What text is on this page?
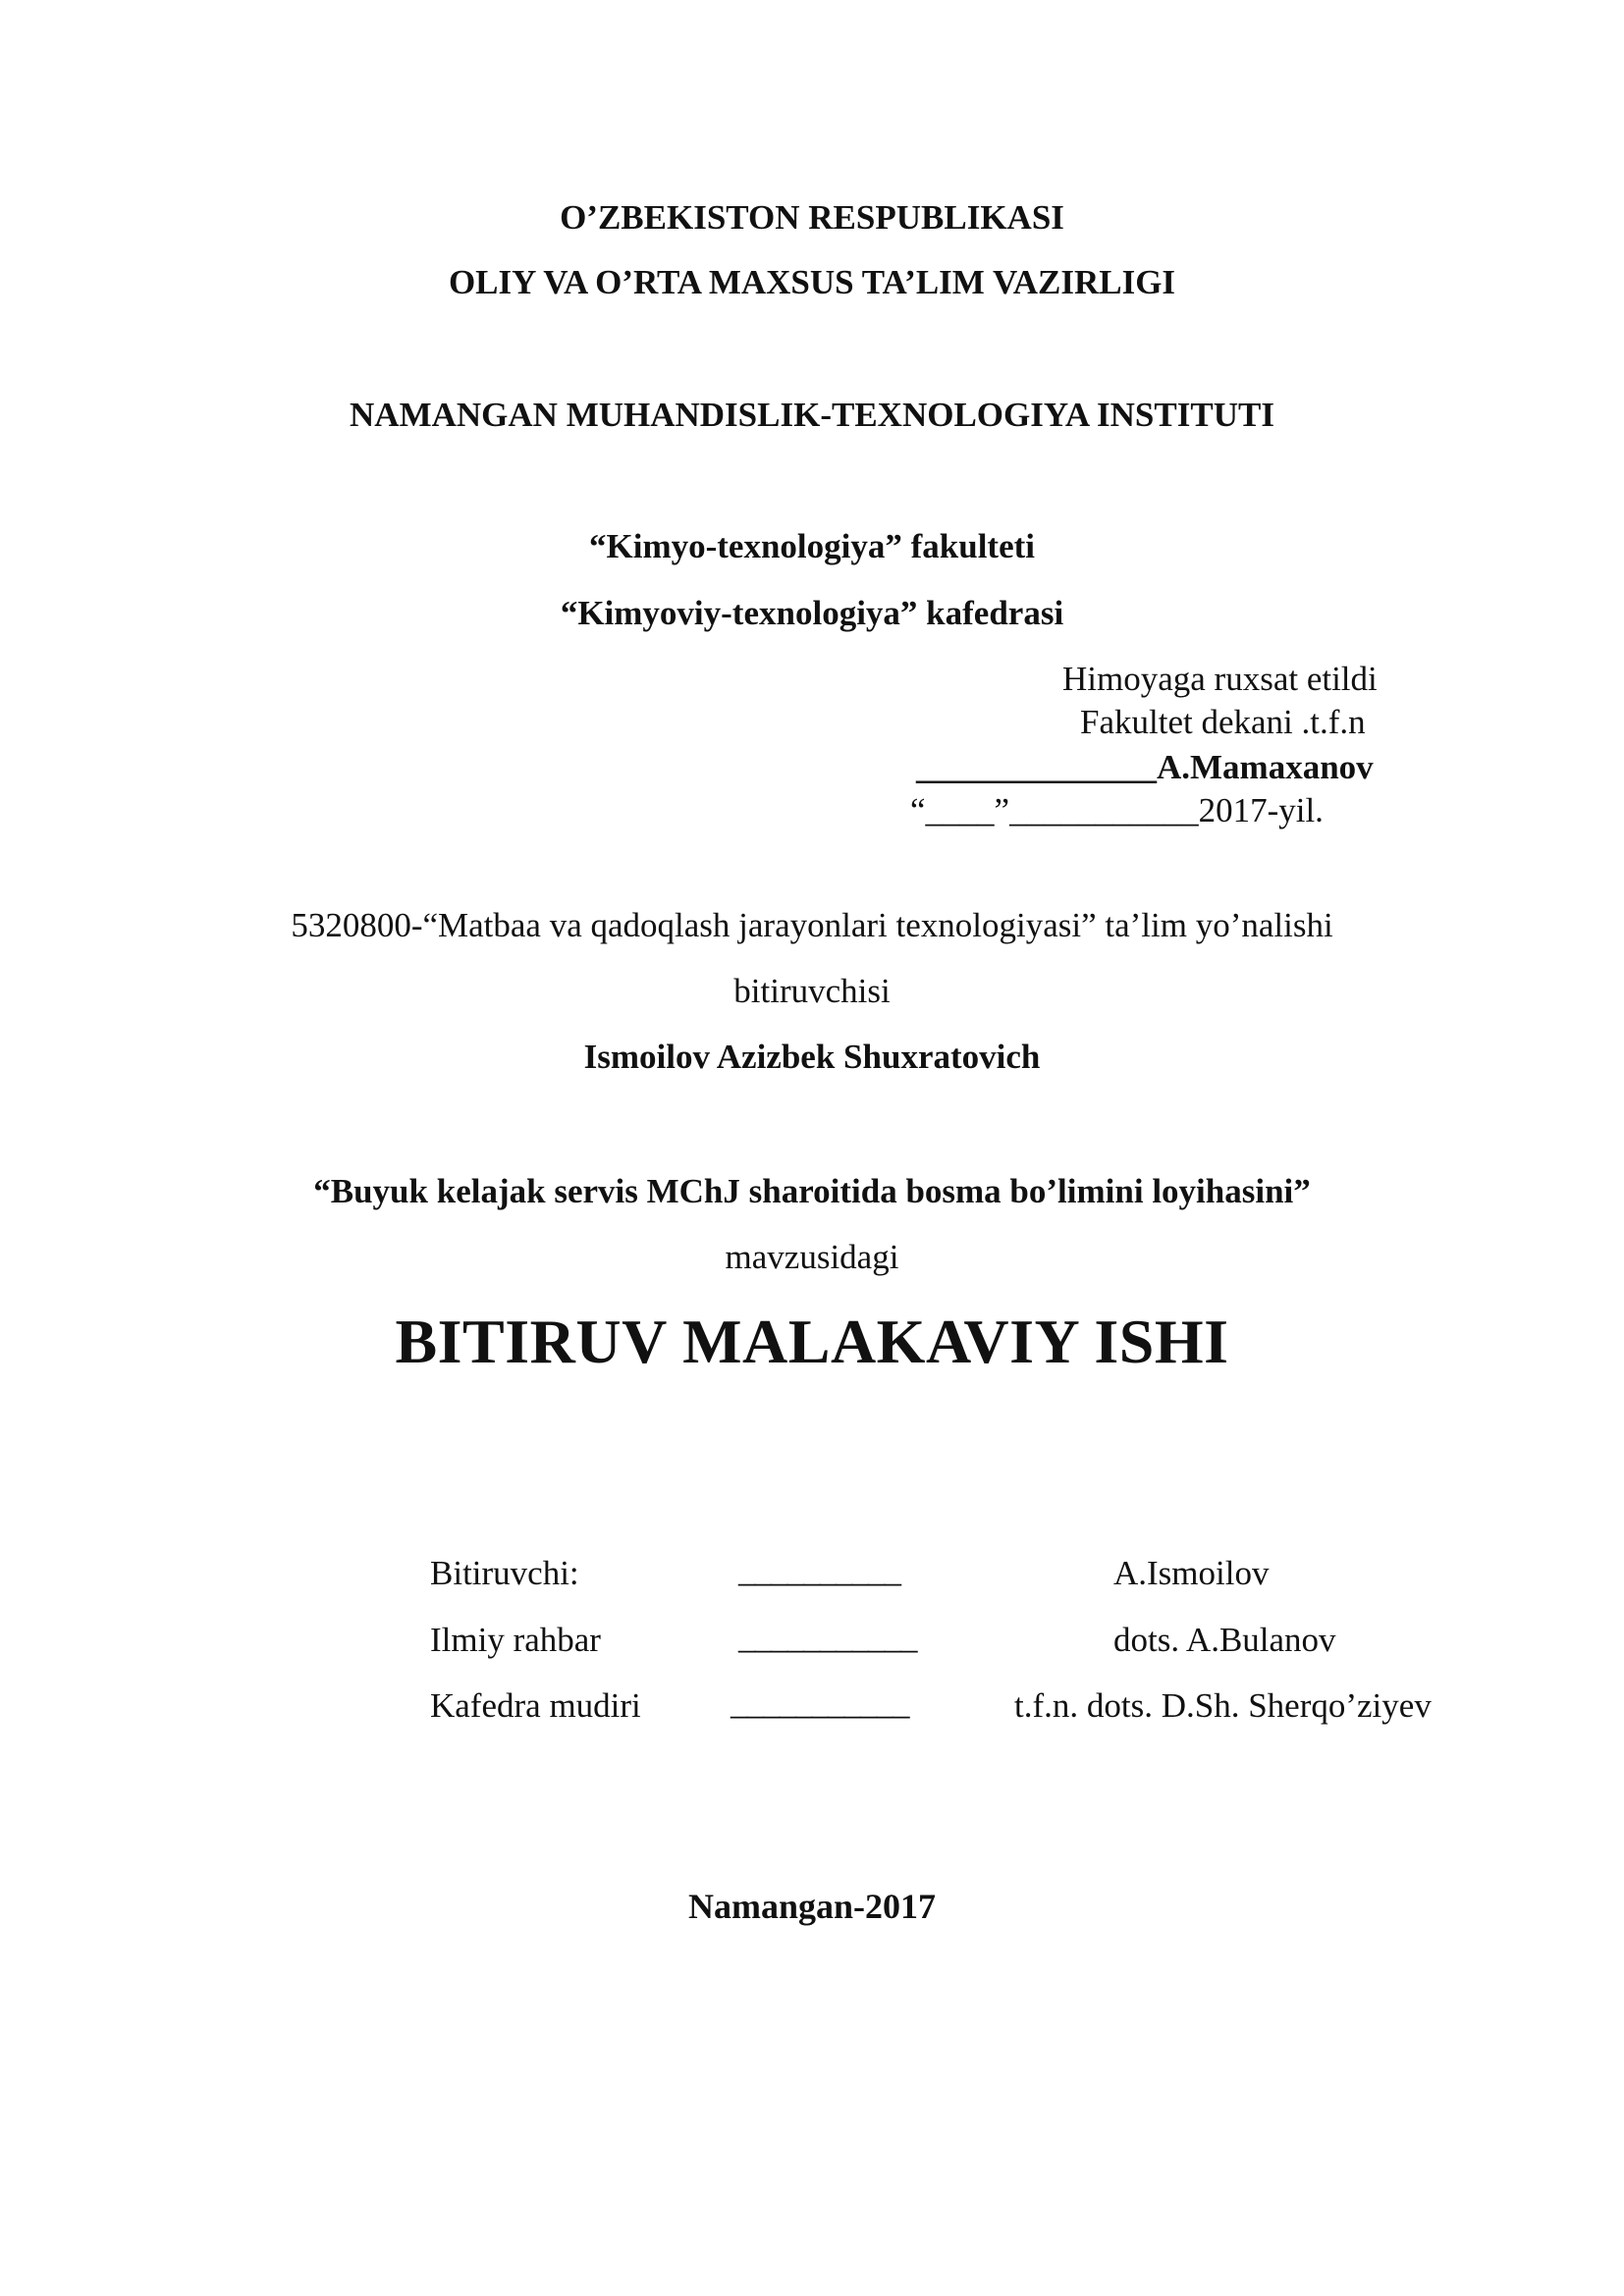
O’ZBEKISTON RESPUBLIKASI
OLIY VA O’RTA MAXSUS TA’LIM VAZIRLIGI
NAMANGAN MUHANDISLIK-TEXNOLOGIYA INSTITUTI
“Kimyo-texnologiya” fakulteti
“Kimyoviy-texnologiya” kafedrasi
Himoyaga ruxsat etildi
Fakultet dekani .t.f.n
______________A.Mamaxanov
“____”___________2017-yil.
5320800-“Matbaa va qadoqlash jarayonlari texnologiyasi” ta’lim yo’nalishi
bitiruvchisi
Ismoilov Azizbek Shuxratovich
“Buyuk kelajak servis MChJ sharoitida bosma bo’limini loyihasini”
mavzusidagi
BITIRUV MALAKAVIY ISHI
Bitiruvchi:	__________	A.Ismoilov
Ilmiy rahbar	___________	dots. A.Bulanov
Kafedra mudiri	___________	t.f.n. dots. D.Sh. Sherqo’ziyev
Namangan-2017
